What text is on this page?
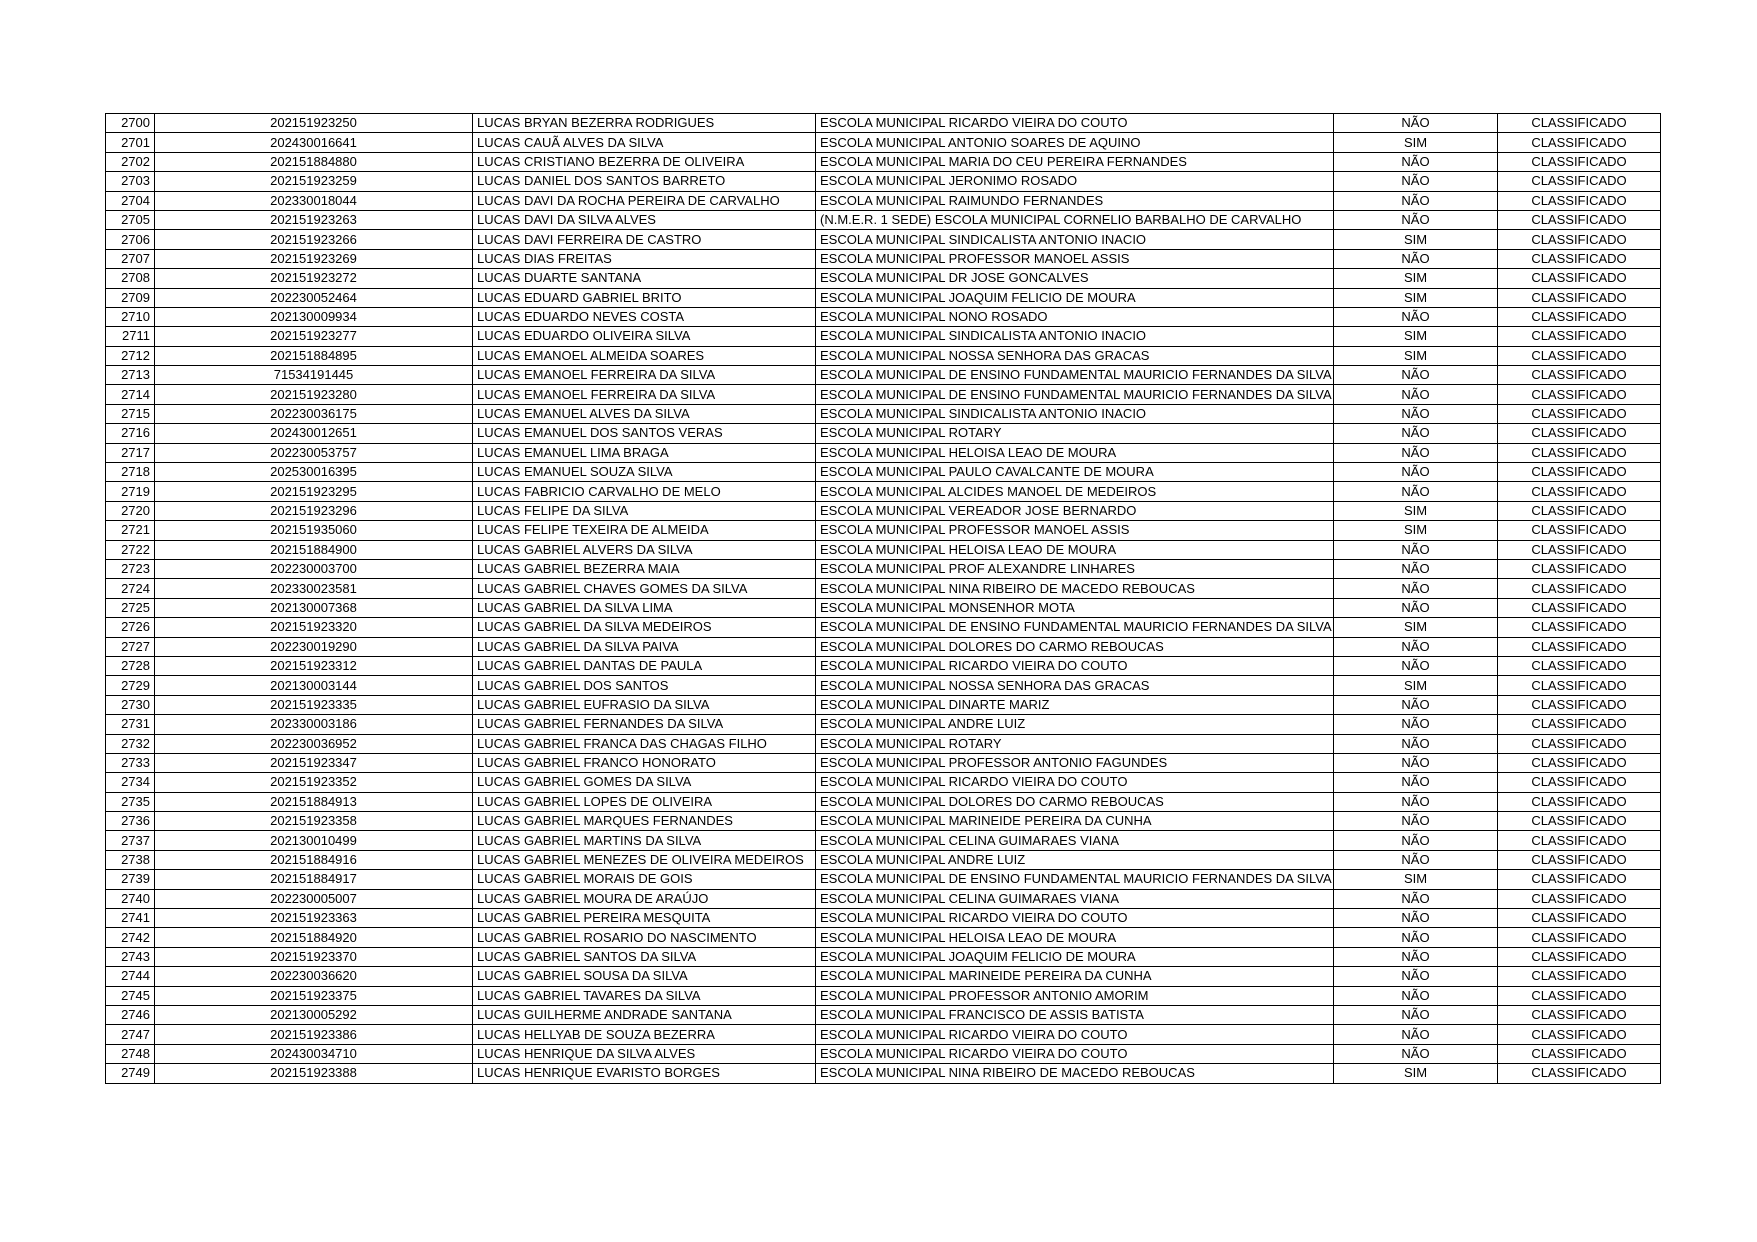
2700	202151923250	LUCAS BRYAN BEZERRA RODRIGUES	ESCOLA MUNICIPAL RICARDO VIEIRA DO COUTO	NÃO	CLASSIFICADO
2701	202430016641	LUCAS CAUÃ ALVES DA SILVA	ESCOLA MUNICIPAL ANTONIO SOARES DE AQUINO	SIM	CLASSIFICADO
2702	202151884880	LUCAS CRISTIANO BEZERRA DE OLIVEIRA	ESCOLA MUNICIPAL MARIA DO CEU PEREIRA FERNANDES	NÃO	CLASSIFICADO
2703	202151923259	LUCAS DANIEL DOS SANTOS BARRETO	ESCOLA MUNICIPAL JERONIMO ROSADO	NÃO	CLASSIFICADO
2704	202330018044	LUCAS DAVI DA ROCHA PEREIRA DE CARVALHO	ESCOLA MUNICIPAL RAIMUNDO FERNANDES	NÃO	CLASSIFICADO
2705	202151923263	LUCAS DAVI DA SILVA ALVES	(N.M.E.R. 1 SEDE) ESCOLA MUNICIPAL CORNELIO BARBALHO DE CARVALHO	NÃO	CLASSIFICADO
2706	202151923266	LUCAS DAVI FERREIRA DE CASTRO	ESCOLA MUNICIPAL SINDICALISTA ANTONIO INACIO	SIM	CLASSIFICADO
2707	202151923269	LUCAS DIAS FREITAS	ESCOLA MUNICIPAL PROFESSOR MANOEL ASSIS	NÃO	CLASSIFICADO
2708	202151923272	LUCAS DUARTE SANTANA	ESCOLA MUNICIPAL DR JOSE GONCALVES	SIM	CLASSIFICADO
2709	202230052464	LUCAS EDUARD GABRIEL BRITO	ESCOLA MUNICIPAL JOAQUIM FELICIO DE MOURA	SIM	CLASSIFICADO
2710	202130009934	LUCAS EDUARDO NEVES COSTA	ESCOLA MUNICIPAL NONO ROSADO	NÃO	CLASSIFICADO
2711	202151923277	LUCAS EDUARDO OLIVEIRA SILVA	ESCOLA MUNICIPAL SINDICALISTA ANTONIO INACIO	SIM	CLASSIFICADO
2712	202151884895	LUCAS EMANOEL ALMEIDA SOARES	ESCOLA MUNICIPAL NOSSA SENHORA DAS GRACAS	SIM	CLASSIFICADO
2713	71534191445	LUCAS EMANOEL FERREIRA DA SILVA	ESCOLA MUNICIPAL DE ENSINO FUNDAMENTAL MAURICIO FERNANDES DA SILVA	NÃO	CLASSIFICADO
2714	202151923280	LUCAS EMANOEL FERREIRA DA SILVA	ESCOLA MUNICIPAL DE ENSINO FUNDAMENTAL MAURICIO FERNANDES DA SILVA	NÃO	CLASSIFICADO
2715	202230036175	LUCAS EMANUEL ALVES DA SILVA	ESCOLA MUNICIPAL SINDICALISTA ANTONIO INACIO	NÃO	CLASSIFICADO
2716	202430012651	LUCAS EMANUEL DOS SANTOS VERAS	ESCOLA MUNICIPAL ROTARY	NÃO	CLASSIFICADO
2717	202230053757	LUCAS EMANUEL LIMA BRAGA	ESCOLA MUNICIPAL HELOISA LEAO DE MOURA	NÃO	CLASSIFICADO
2718	202530016395	LUCAS EMANUEL SOUZA SILVA	ESCOLA MUNICIPAL PAULO CAVALCANTE DE MOURA	NÃO	CLASSIFICADO
2719	202151923295	LUCAS FABRICIO CARVALHO DE MELO	ESCOLA MUNICIPAL ALCIDES MANOEL DE MEDEIROS	NÃO	CLASSIFICADO
2720	202151923296	LUCAS FELIPE DA SILVA	ESCOLA MUNICIPAL VEREADOR JOSE BERNARDO	SIM	CLASSIFICADO
2721	202151935060	LUCAS FELIPE TEXEIRA DE ALMEIDA	ESCOLA MUNICIPAL PROFESSOR MANOEL ASSIS	SIM	CLASSIFICADO
2722	202151884900	LUCAS GABRIEL ALVERS DA SILVA	ESCOLA MUNICIPAL HELOISA LEAO DE MOURA	NÃO	CLASSIFICADO
2723	202230003700	LUCAS GABRIEL BEZERRA MAIA	ESCOLA MUNICIPAL PROF ALEXANDRE LINHARES	NÃO	CLASSIFICADO
2724	202330023581	LUCAS GABRIEL CHAVES GOMES DA SILVA	ESCOLA MUNICIPAL NINA RIBEIRO DE MACEDO REBOUCAS	NÃO	CLASSIFICADO
2725	202130007368	LUCAS GABRIEL DA SILVA LIMA	ESCOLA MUNICIPAL MONSENHOR MOTA	NÃO	CLASSIFICADO
2726	202151923320	LUCAS GABRIEL DA SILVA MEDEIROS	ESCOLA MUNICIPAL DE ENSINO FUNDAMENTAL MAURICIO FERNANDES DA SILVA	SIM	CLASSIFICADO
2727	202230019290	LUCAS GABRIEL DA SILVA PAIVA	ESCOLA MUNICIPAL DOLORES DO CARMO REBOUCAS	NÃO	CLASSIFICADO
2728	202151923312	LUCAS GABRIEL DANTAS DE PAULA	ESCOLA MUNICIPAL RICARDO VIEIRA DO COUTO	NÃO	CLASSIFICADO
2729	202130003144	LUCAS GABRIEL DOS SANTOS	ESCOLA MUNICIPAL NOSSA SENHORA DAS GRACAS	SIM	CLASSIFICADO
2730	202151923335	LUCAS GABRIEL EUFRASIO DA SILVA	ESCOLA MUNICIPAL DINARTE MARIZ	NÃO	CLASSIFICADO
2731	202330003186	LUCAS GABRIEL FERNANDES DA SILVA	ESCOLA MUNICIPAL ANDRE LUIZ	NÃO	CLASSIFICADO
2732	202230036952	LUCAS GABRIEL FRANCA DAS CHAGAS FILHO	ESCOLA MUNICIPAL ROTARY	NÃO	CLASSIFICADO
2733	202151923347	LUCAS GABRIEL FRANCO HONORATO	ESCOLA MUNICIPAL PROFESSOR ANTONIO FAGUNDES	NÃO	CLASSIFICADO
2734	202151923352	LUCAS GABRIEL GOMES DA SILVA	ESCOLA MUNICIPAL RICARDO VIEIRA DO COUTO	NÃO	CLASSIFICADO
2735	202151884913	LUCAS GABRIEL LOPES DE OLIVEIRA	ESCOLA MUNICIPAL DOLORES DO CARMO REBOUCAS	NÃO	CLASSIFICADO
2736	202151923358	LUCAS GABRIEL MARQUES FERNANDES	ESCOLA MUNICIPAL MARINEIDE PEREIRA DA CUNHA	NÃO	CLASSIFICADO
2737	202130010499	LUCAS GABRIEL MARTINS DA SILVA	ESCOLA MUNICIPAL CELINA GUIMARAES VIANA	NÃO	CLASSIFICADO
2738	202151884916	LUCAS GABRIEL MENEZES DE OLIVEIRA MEDEIROS	ESCOLA MUNICIPAL ANDRE LUIZ	NÃO	CLASSIFICADO
2739	202151884917	LUCAS GABRIEL MORAIS DE GOIS	ESCOLA MUNICIPAL DE ENSINO FUNDAMENTAL MAURICIO FERNANDES DA SILVA	SIM	CLASSIFICADO
2740	202230005007	LUCAS GABRIEL MOURA DE ARAÚJO	ESCOLA MUNICIPAL CELINA GUIMARAES VIANA	NÃO	CLASSIFICADO
2741	202151923363	LUCAS GABRIEL PEREIRA MESQUITA	ESCOLA MUNICIPAL RICARDO VIEIRA DO COUTO	NÃO	CLASSIFICADO
2742	202151884920	LUCAS GABRIEL ROSARIO DO NASCIMENTO	ESCOLA MUNICIPAL HELOISA LEAO DE MOURA	NÃO	CLASSIFICADO
2743	202151923370	LUCAS GABRIEL SANTOS DA SILVA	ESCOLA MUNICIPAL JOAQUIM FELICIO DE MOURA	NÃO	CLASSIFICADO
2744	202230036620	LUCAS GABRIEL SOUSA DA SILVA	ESCOLA MUNICIPAL MARINEIDE PEREIRA DA CUNHA	NÃO	CLASSIFICADO
2745	202151923375	LUCAS GABRIEL TAVARES DA SILVA	ESCOLA MUNICIPAL PROFESSOR ANTONIO AMORIM	NÃO	CLASSIFICADO
2746	202130005292	LUCAS GUILHERME ANDRADE SANTANA	ESCOLA MUNICIPAL FRANCISCO DE ASSIS BATISTA	NÃO	CLASSIFICADO
2747	202151923386	LUCAS HELLYAB DE SOUZA BEZERRA	ESCOLA MUNICIPAL RICARDO VIEIRA DO COUTO	NÃO	CLASSIFICADO
2748	202430034710	LUCAS HENRIQUE DA SILVA ALVES	ESCOLA MUNICIPAL RICARDO VIEIRA DO COUTO	NÃO	CLASSIFICADO
2749	202151923388	LUCAS HENRIQUE EVARISTO BORGES	ESCOLA MUNICIPAL NINA RIBEIRO DE MACEDO REBOUCAS	SIM	CLASSIFICADO
